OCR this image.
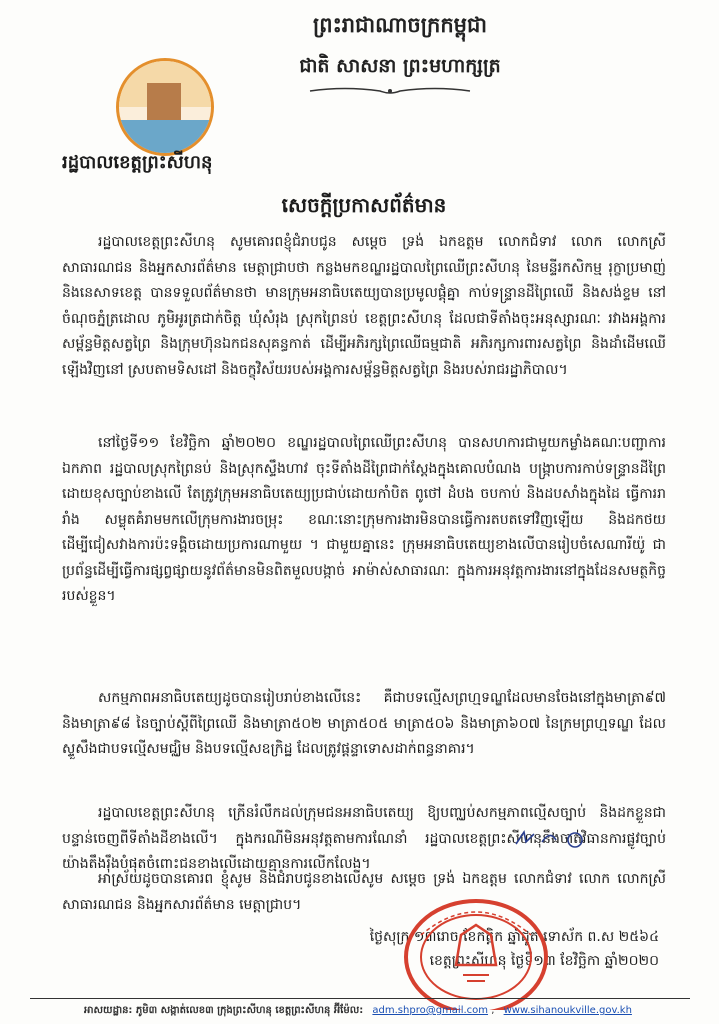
ព្រះរាជាណាចក្រកម្ពុជា
ជាតិ សាសនា ព្រះមហាក្សត្រ
រដ្ឋបាលខេត្តព្រះសីហនុ
សេចក្តីប្រកាសព័ត៌មាន

រដ្ឋបាលខេត្តព្រះសីហនុ សូមគោរពខ្ញុំជំរាបជូន សម្តេច ទ្រង់ ឯកឧត្តម លោកជំទាវ លោក លោកស្រី សាធារណជន និងអ្នកសារព័ត៌មាន មេត្តាជ្រាបថា កន្លងមកខណ្ឌរដ្ឋបាលព្រៃឈើព្រះសីហនុ នៃមន្ទីរកសិកម្ម រុក្ខាប្រមាញ់ និងនេសាទខេត្ត បានទទួលព័ត៌មានថា មានក្រុមអនាធិបតេយ្យបានប្រមូលផ្តុំគ្នា កាប់ទន្ទ្រានដីព្រៃឈើ និងសង់ខ្ទម នៅចំណុចភ្នំត្រដោល ភូមិអូរត្រជាក់ចិត្ត ឃុំសំរុង ស្រុកព្រៃនប់ ខេត្តព្រះសីហនុ ដែលជាទីតាំងចុះអនុស្សារណៈ រវាងអង្គការសម្ព័ន្ធមិត្តសត្វព្រៃ និងក្រុមហ៊ុនឯកជនសុគន្ធកាត់ ដើម្បីអភិរក្សព្រៃឈើធម្មជាតិ អភិរក្សការពារសត្វព្រៃ និងដាំដើមឈើឡើងវិញនៅ ស្របតាមទិសដៅ និងចក្ខុវិស័យរបស់អង្គការសម្ព័ន្ធមិត្តសត្វព្រៃ និងរបស់រាជរដ្ឋាភិបាល។

នៅថ្ងៃទី១១ ខែវិច្ឆិកា ឆ្នាំ២០២០ ខណ្ឌរដ្ឋបាលព្រៃឈើព្រះសីហនុ បានសហការជាមួយកម្លាំងគណៈបញ្ជាការឯកភាព រដ្ឋបាលស្រុកព្រៃនប់ និងស្រុកស្ទឹងហាវ ចុះទីតាំងដីព្រៃជាក់ស្តែងក្នុងគោលបំណង បង្ក្រាបការកាប់ទន្ទ្រានដីព្រៃដោយខុសច្បាប់ខាងលើ តែត្រូវក្រុមអនាធិបតេយ្យប្រជាប់ដោយកាំបិត ពូថៅ ដំបង ចបកាប់ និងដបសាំងក្នុងដៃ ធ្វើការរារាំង សម្លុតគំរាមមកលើក្រុមការងារចម្រុះ ខណៈនោះក្រុមការងារមិនបានធ្វើការតបតទៅវិញឡើយ និងដកថយដើម្បីជៀសវាងការប៉ះទង្គិចដោយប្រការណាមួយ ។ ជាមួយគ្នានេះ ក្រុមអនាធិបតេយ្យខាងលើបានរៀបចំសេណារីយ៉ូ ជាប្រព័ន្ធដើម្បីធ្វើការផ្សព្វផ្សាយនូវព័ត៌មានមិនពិតមួលបង្កាច់ អាម៉ាស់សាធារណៈ ក្នុងការអនុវត្តការងារនៅក្នុងដែនសមត្ថកិច្ចរបស់ខ្លួន។

សកម្មភាពអនាធិបតេយ្យដូចបានរៀបរាប់ខាងលើនេះ គឺជាបទល្មើសព្រហ្មទណ្ឌដែលមានចែងនៅក្នុងមាត្រា៩៧ និងមាត្រា៩៨ នៃច្បាប់ស្តីពីព្រៃឈើ និងមាត្រា៥០២ មាត្រា៥០៥ មាត្រា៥០៦ និងមាត្រា៦០៧ នៃក្រមព្រហ្មទណ្ឌ ដែលស្ទួសឹងជាបទល្មើសមជ្ឈិម និងបទល្មើសឧក្រិដ្ឋ ដែលត្រូវផ្តន្ទាទោសដាក់ពន្ធនាគារ។

រដ្ឋបាលខេត្តព្រះសីហនុ ក្រើនរំលឹកដល់ក្រុមជនអនាធិបតេយ្យ ឱ្យបញ្ឈប់សកម្មភាពល្មើសច្បាប់ និងដកខ្លួនជាបន្ទាន់ចេញពីទីតាំងដីខាងលើ។ ក្នុងករណីមិនអនុវត្តតាមការណែនាំ រដ្ឋបាលខេត្តព្រះសីហនុនឹងចាត់វិធានការផ្លូវច្បាប់យ៉ាងតឹងរ៉ឹងបំផុតចំពោះជនខាងលើដោយគ្មានការលើកលែង។

អាស្រ័យដូចបានគោរព ខ្ញុំសូម និងជំរាបជូនខាងលើសូម សម្តេច ទ្រង់ ឯកឧត្តម លោកជំទាវ លោក លោកស្រី សាធារណជន និងអ្នកសារព័ត៌មាន មេត្តាជ្រាប។

ថ្ងៃសុក្រ ១៣រោច ខែកត្តិក ឆ្នាំជូត ទោស័ក ព.ស ២៥៦៤
ខេត្តព្រះសីហនុ ថ្ងៃទី១៣ ខែវិច្ឆិកា ឆ្នាំ២០២០
អាសយដ្ឋាន: ភូមិ៣ សង្កាត់លេខ៣ ក្រុងព្រះសីហនុ ខេត្តព្រះសីហនុ អ៊ីម៉ែល: adm.shpro@gmail.com , www.sihanoukville.gov.kh
